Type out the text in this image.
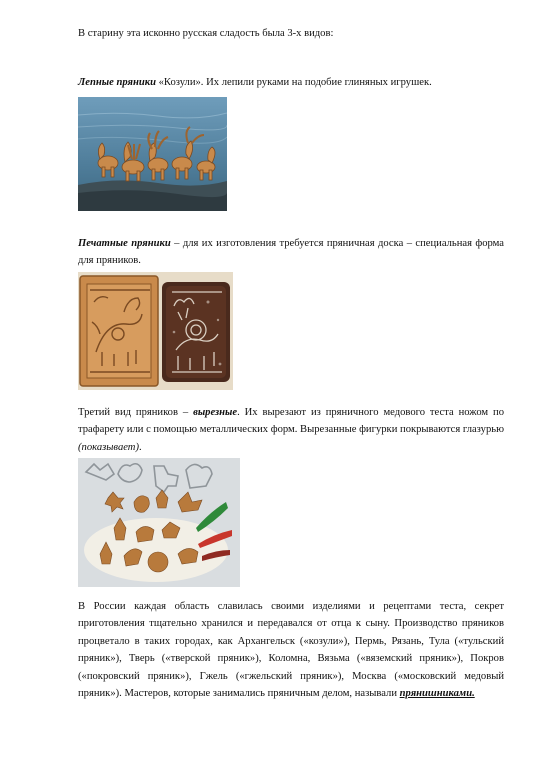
В старину эта исконно русская сладость была 3-х видов:

Лепные пряники «Козули». Их лепили руками на подобие глиняных игрушек.

Печатные пряники – для их изготовления требуется пряничная доска – специальная форма для пряников.

Третий вид пряников – вырезные. Их вырезают из пряничного медового теста ножом по трафарету или с помощью металлических форм. Вырезанные фигурки покрываются глазурью (показывает).

В России каждая область славилась своими изделиями и рецептами теста, секрет приготовления тщательно хранился и передавался от отца к сыну. Производство пряников процветало в таких городах, как Архангельск («козули»), Пермь, Рязань, Тула («тульский пряник»), Тверь («тверской пряник»), Коломна, Вязьма («вяземский пряник»), Покров («покровский пряник»), Гжель («гжельский пряник»), Москва («московский медовый пряник»). Мастеров, которые занимались пряничным делом, называли прянишниками.
